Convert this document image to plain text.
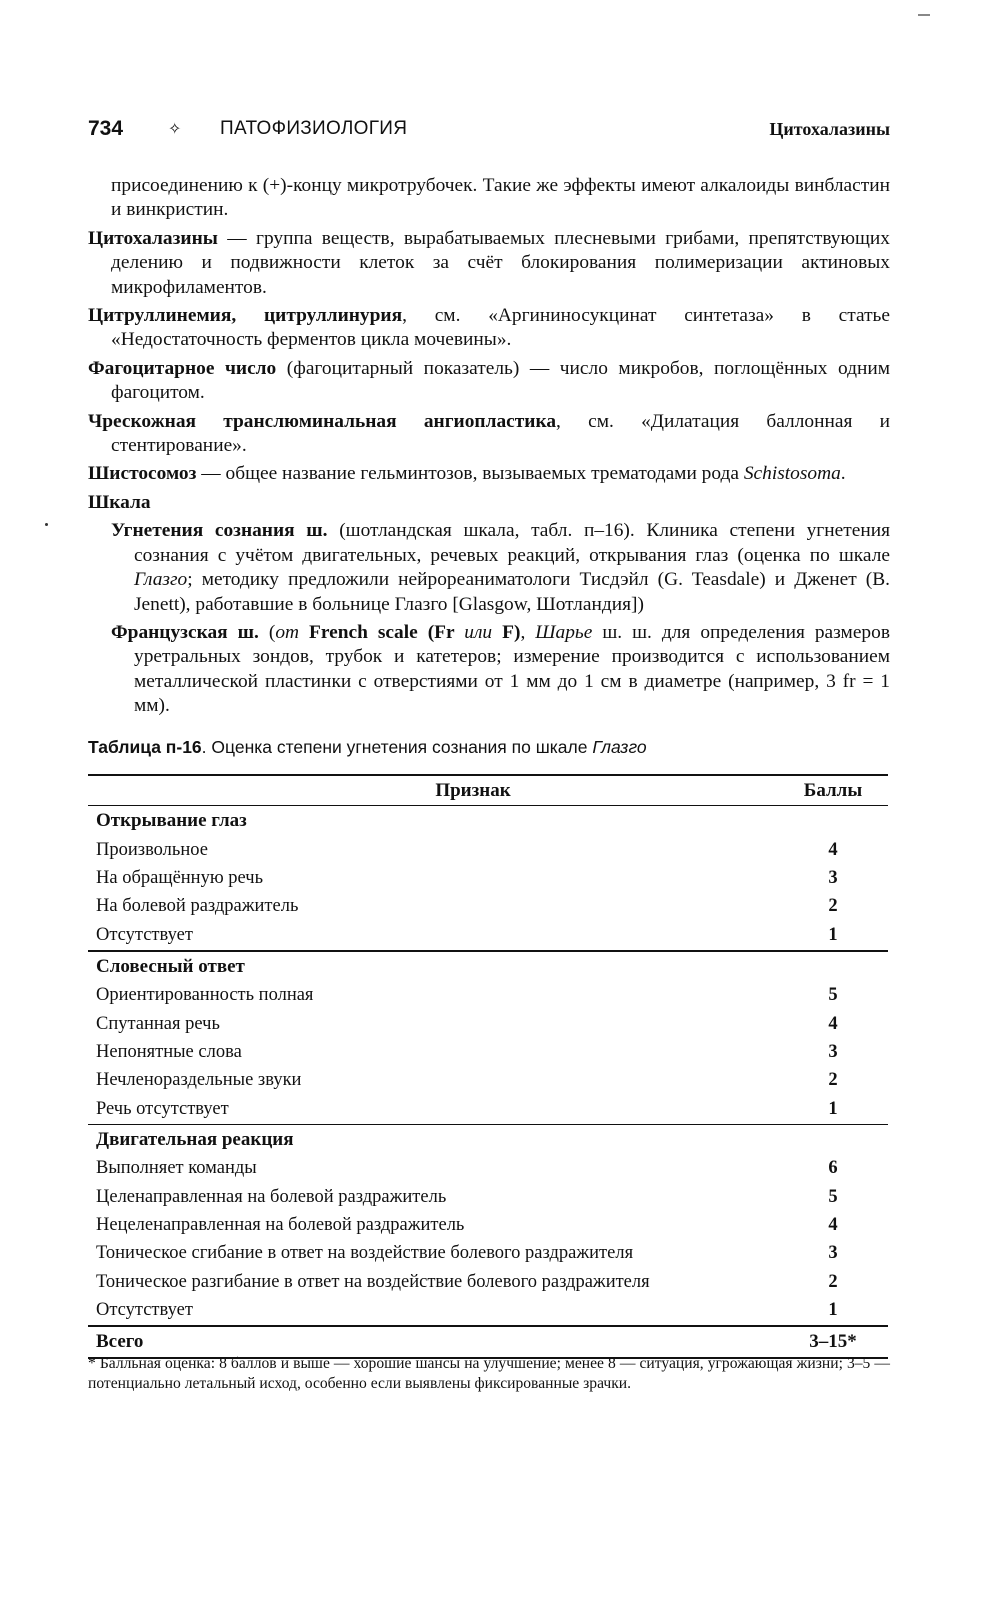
734	✧ ПАТОФИЗИОЛОГИЯ	Цитохалазины

присоединению к (+)-концу микротрубочек. Такие же эффекты имеют алкалоиды винбластин и винкристин.

Цитохалазины — группа веществ, вырабатываемых плесневыми грибами, препятствующих делению и подвижности клеток за счёт блокирования полимеризации актиновых микрофиламентов.

Цитруллинемия, цитруллинурия, см. «Аргининосукцинат синтетаза» в статье «Недостаточность ферментов цикла мочевины».

Фагоцитарное число (фагоцитарный показатель) — число микробов, поглощённых одним фагоцитом.

Чрескожная транслюминальная ангиопластика, см. «Дилатация баллонная и стентирование».

Шистосомоз — общее название гельминтозов, вызываемых трематодами рода Schistosoma.

Шкала

Угнетения сознания ш. (шотландская шкала, табл. п–16). Клиника степени угнетения сознания с учётом двигательных, речевых реакций, открывания глаз (оценка по шкале Глазго; методику предложили нейрореаниматологи Тисдэйл (G. Teasdale) и Дженет (B. Jenett), работавшие в больнице Глазго [Glasgow, Шотландия])

Французская ш. (от French scale (Fr или F), Шарье ш. ш. для определения размеров уретральных зондов, трубок и катетеров; измерение производится с использованием металлической пластинки с отверстиями от 1 мм до 1 см в диаметре (например, 3 fr = 1 мм).

Таблица п-16. Оценка степени угнетения сознания по шкале Глазго
Признак	Баллы
Открывание глаз
Произвольное	4
На обращённую речь	3
На болевой раздражитель	2
Отсутствует	1
Словесный ответ
Ориентированность полная	5
Спутанная речь	4
Непонятные слова	3
Нечленораздельные звуки	2
Речь отсутствует	1
Двигательная реакция
Выполняет команды	6
Целенаправленная на болевой раздражитель	5
Нецеленаправленная на болевой раздражитель	4
Тоническое сгибание в ответ на воздействие болевого раздражителя	3
Тоническое разгибание в ответ на воздействие болевого раздражителя	2
Отсутствует	1
Всего	3–15*
* Балльная оценка: 8 баллов и выше — хорошие шансы на улучшение; менее 8 — ситуация, угрожающая жизни; 3–5 — потенциально летальный исход, особенно если выявлены фиксированные зрачки.
